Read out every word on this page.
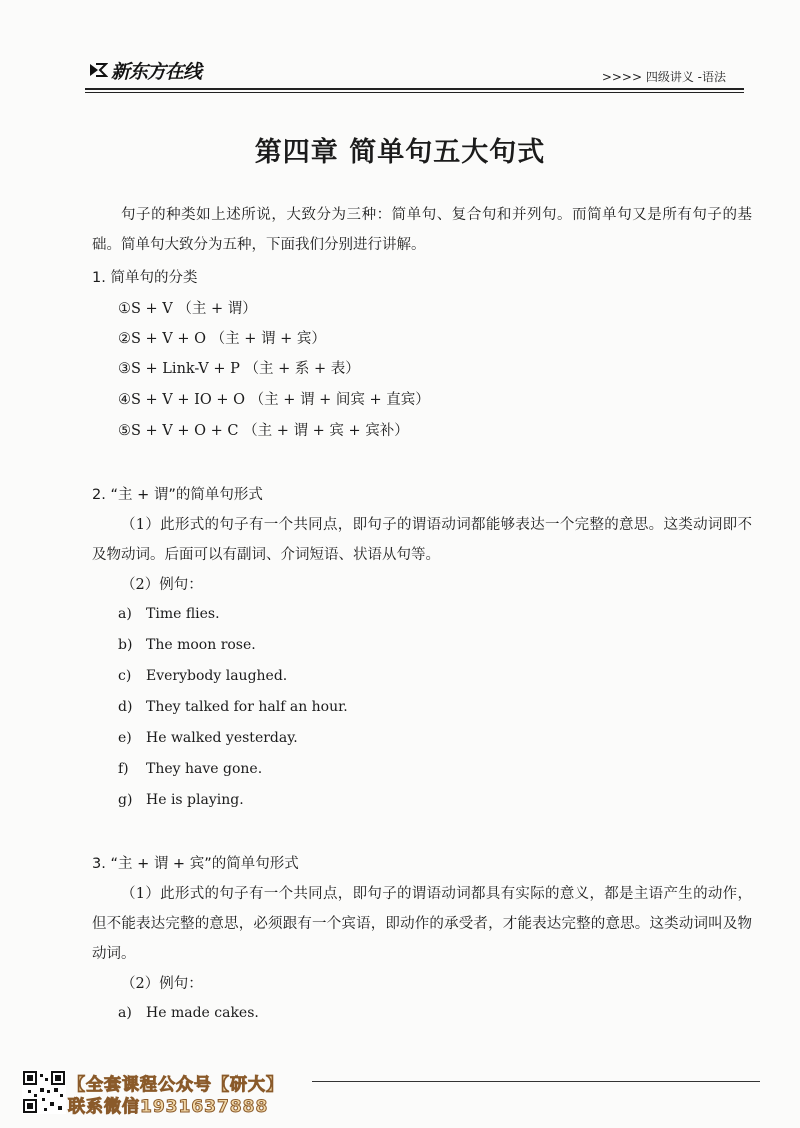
新东方在线	>>>> 四级讲义 -语法
第四章 简单句五大句式
句子的种类如上述所说，大致分为三种：简单句、复合句和并列句。而简单句又是所有句子的基础。简单句大致分为五种，下面我们分别进行讲解。
1. 简单句的分类
①S + V （主 + 谓）
②S + V + O （主 + 谓 + 宾）
③S + Link-V + P （主 + 系 + 表）
④S + V + IO + O （主 + 谓 + 间宾 + 直宾）
⑤S + V + O + C （主 + 谓 + 宾 + 宾补）
2. “主 + 谓”的简单句形式
（1）此形式的句子有一个共同点，即句子的谓语动词都能够表达一个完整的意思。这类动词即不及物动词。后面可以有副词、介词短语、状语从句等。
（2）例句：
a)	Time flies.
b) The moon rose.
c)	Everybody laughed.
d) They talked for half an hour.
e)	He walked yesterday.
f)	They have gone.
g) He is playing.
3. “主 + 谓 + 宾”的简单句形式
（1）此形式的句子有一个共同点，即句子的谓语动词都具有实际的意义，都是主语产生的动作，但不能表达完整的意思，必须跟有一个宾语，即动作的承受者，才能表达完整的意思。这类动词叫及物动词。
（2）例句：
a)	He made cakes.
【全套课程公众号【研大】
联系微信1931637888
